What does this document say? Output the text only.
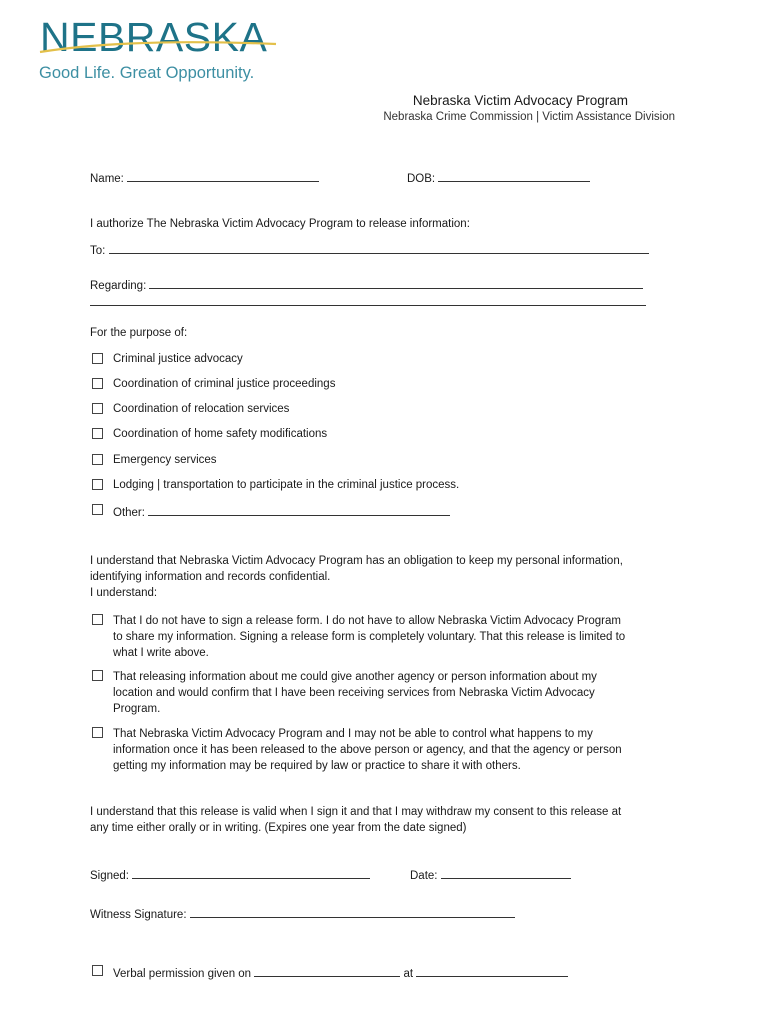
NEBRASKA
Good Life. Great Opportunity.
Nebraska Victim Advocacy Program
Nebraska Crime Commission | Victim Assistance Division
Name:	DOB:
I authorize The Nebraska Victim Advocacy Program to release information:
To:
Regarding:
For the purpose of:
Criminal justice advocacy
Coordination of criminal justice proceedings
Coordination of relocation services
Coordination of home safety modifications
Emergency services
Lodging | transportation to participate in the criminal justice process.
Other:
I understand that Nebraska Victim Advocacy Program has an obligation to keep my personal information,
identifying information and records confidential.
I understand:
That I do not have to sign a release form. I do not have to allow Nebraska Victim Advocacy Program
to share my information. Signing a release form is completely voluntary. That this release is limited to
what I write above.
That releasing information about me could give another agency or person information about my
location and would confirm that I have been receiving services from Nebraska Victim Advocacy
Program.
That Nebraska Victim Advocacy Program and I may not be able to control what happens to my
information once it has been released to the above person or agency, and that the agency or person
getting my information may be required by law or practice to share it with others.
I understand that this release is valid when I sign it and that I may withdraw my consent to this release at
any time either orally or in writing. (Expires one year from the date signed)
Signed:	Date:
Witness Signature:
Verbal permission given on	at
